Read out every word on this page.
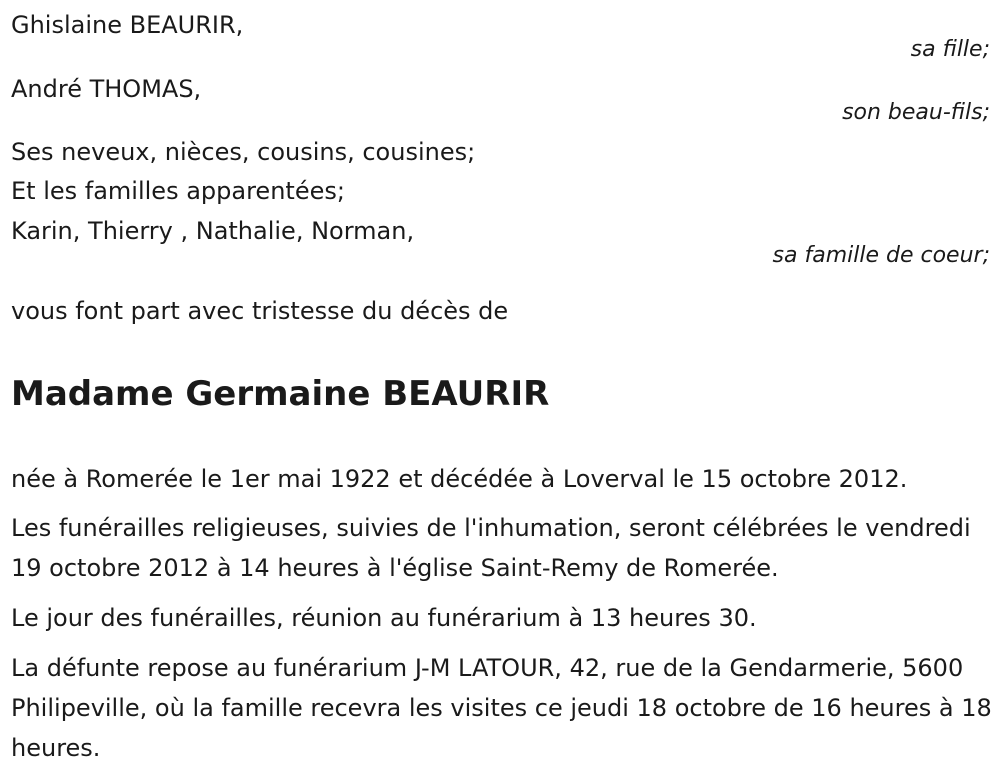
Ghislaine BEAURIR,
sa fille;
André THOMAS,
son beau-fils;
Ses neveux, nièces, cousins, cousines;
Et les familles apparentées;
Karin, Thierry , Nathalie, Norman,
sa famille de coeur;
vous font part avec tristesse du décès de
Madame Germaine BEAURIR
née à Romerée le 1er mai 1922 et décédée à Loverval le 15 octobre 2012.
Les funérailles religieuses, suivies de l'inhumation, seront célébrées le vendredi 19 octobre 2012 à 14 heures à l'église Saint-Remy de Romerée.
Le jour des funérailles, réunion au funérarium à 13 heures 30.
La défunte repose au funérarium J-M LATOUR, 42, rue de la Gendarmerie, 5600 Philipeville, où la famille recevra les visites ce jeudi 18 octobre de 16 heures à 18 heures.
